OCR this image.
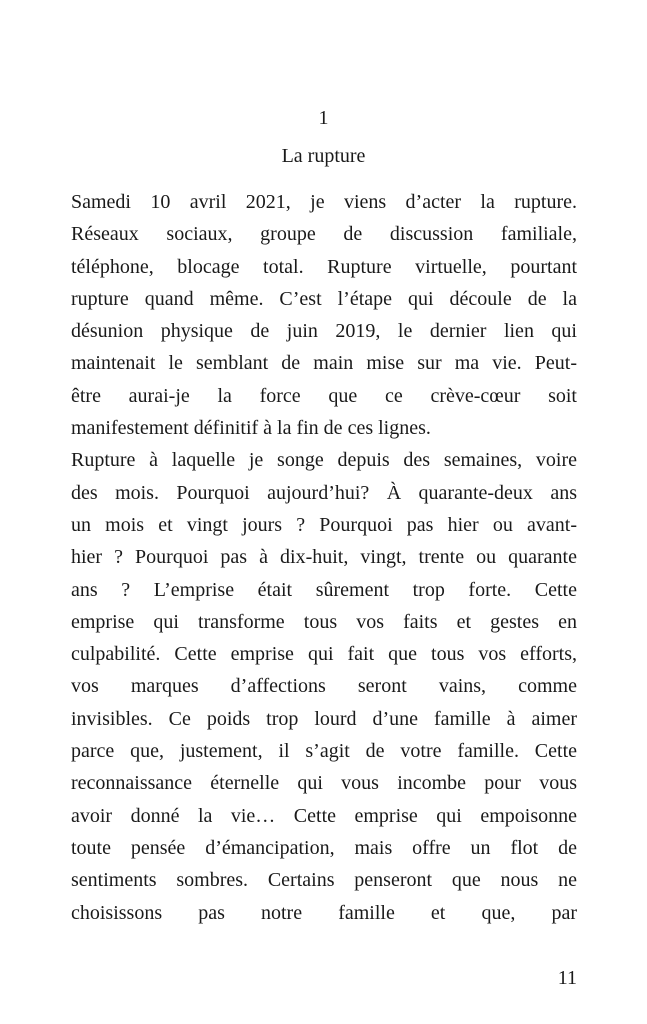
1
La rupture
Samedi 10 avril 2021, je viens d’acter la rupture.
Réseaux sociaux, groupe de discussion familiale,
téléphone, blocage total. Rupture virtuelle, pourtant
rupture quand même. C’est l’étape qui découle de la
désunion physique de juin 2019, le dernier lien qui
maintenait le semblant de main mise sur ma vie. Peut-
être aurai-je la force que ce crève-cœur soit
manifestement définitif à la fin de ces lignes.
Rupture à laquelle je songe depuis des semaines, voire
des mois. Pourquoi aujourd’hui? À quarante-deux ans
un mois et vingt jours ? Pourquoi pas hier ou avant-
hier ? Pourquoi pas à dix-huit, vingt, trente ou quarante
ans ? L’emprise était sûrement trop forte. Cette
emprise qui transforme tous vos faits et gestes en
culpabilité. Cette emprise qui fait que tous vos efforts,
vos marques d’affections seront vains, comme
invisibles. Ce poids trop lourd d’une famille à aimer
parce que, justement, il s’agit de votre famille. Cette
reconnaissance éternelle qui vous incombe pour vous
avoir donné la vie… Cette emprise qui empoisonne
toute pensée d’émancipation, mais offre un flot de
sentiments sombres. Certains penseront que nous ne
choisissons pas notre famille et que, par
11
